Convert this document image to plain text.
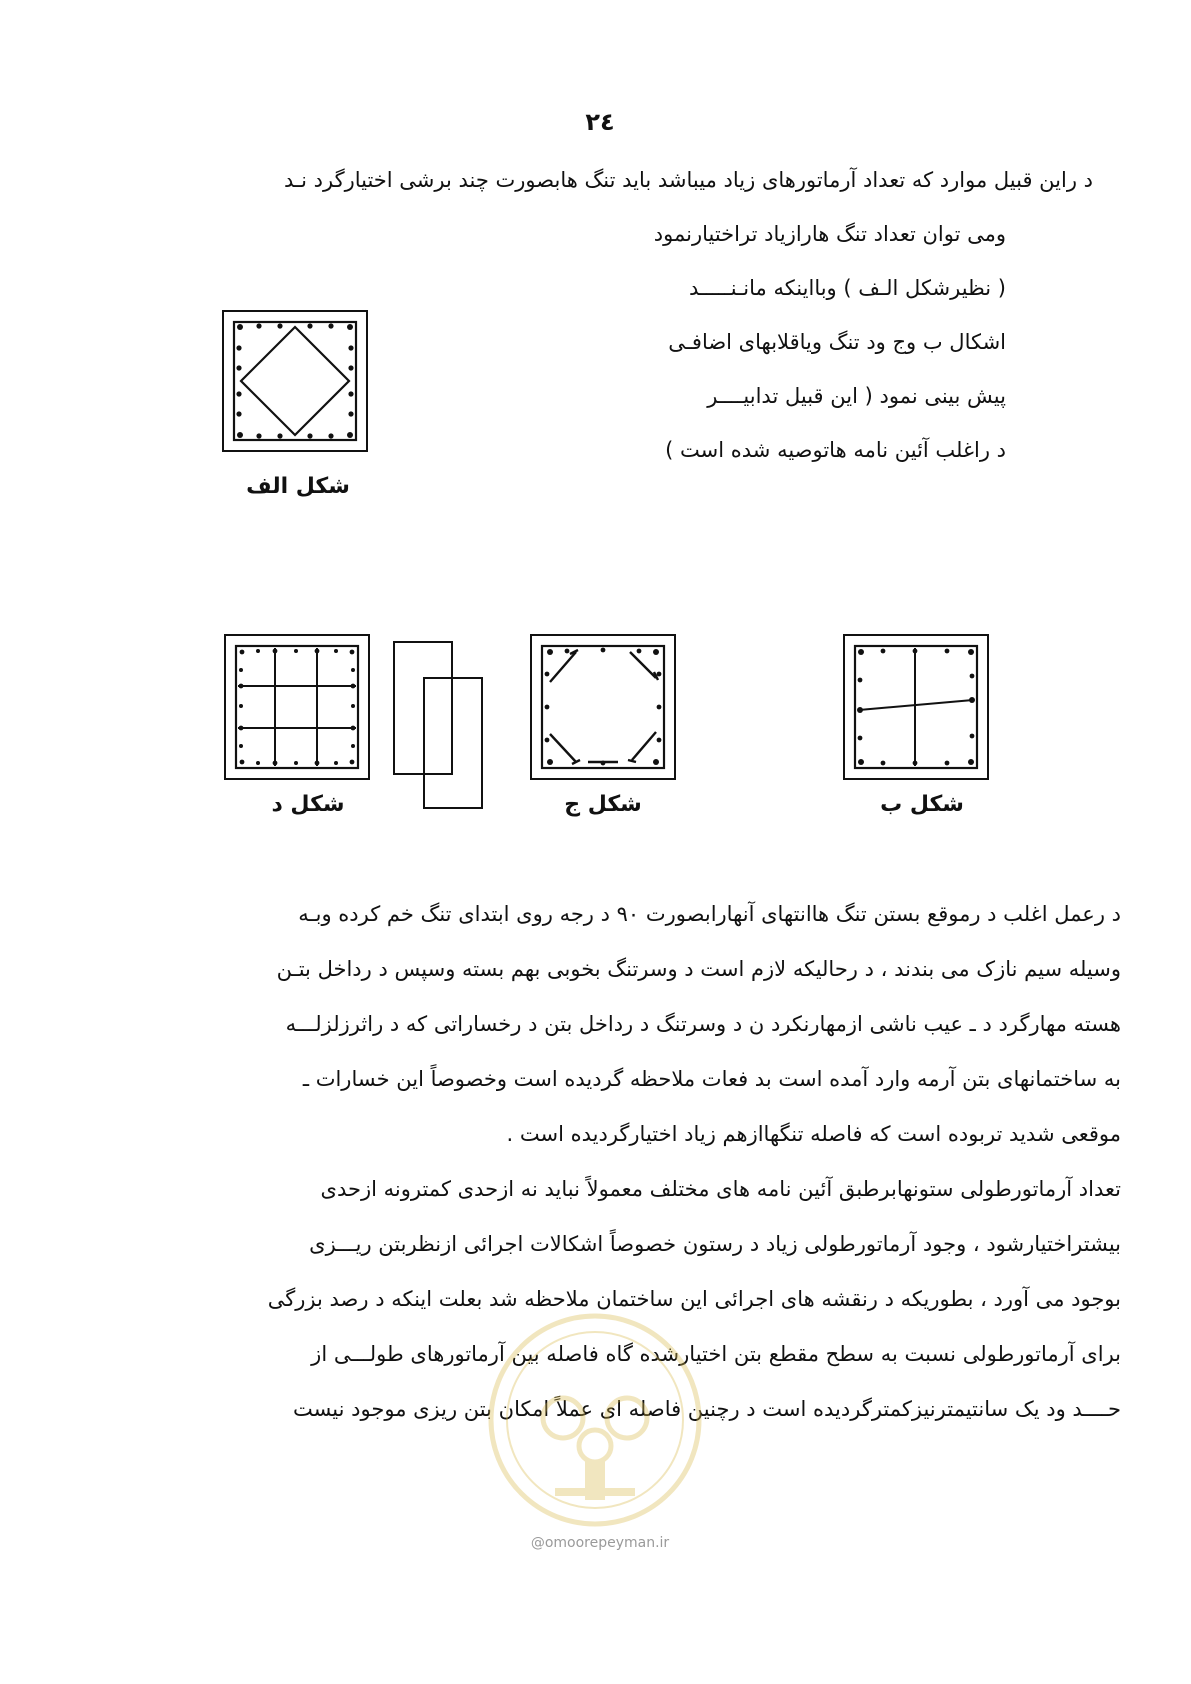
٢٤
د راین قبیل موارد که تعداد آرماتورهای زیاد میباشد باید تنگ هابصورت چند برشی اختیارگرد نـد
ومی توان تعداد تنگ هارازیاد تراختیارنمود
( نظیرشکل الـف ) وبااینکه مانـنـــــد
اشکال ب وج ود تنگ ویاقلابهای اضافـی
پیش بینی نمود ( این قبیل تدابیــــر
د راغلب آئین نامه هاتوصیه شده است )
شکل الف
شکل د	شکل ج	شکل ب
د رعمل اغلب د رموقع بستن تنگ هاانتهای آنهارابصورت ۹۰ د رجه روی ابتدای تنگ خم کرده وبـه
وسیله سیم نازک می بندند ، د رحالیکه لازم است د وسرتنگ بخوبی بهم بسته وسپس د رداخل بتـن
هسته مهارگرد د ـ عیب ناشی ازمهارنکرد ن د وسرتنگ د رداخل بتن د رخساراتی که د راثرزلزلـــه
به ساختمانهای بتن آرمه وارد آمده است بد فعات ملاحظه گردیده است وخصوصاً این خسارات ـ
موقعی شدید تربوده است که فاصله تنگهاازهم زیاد اختیارگردیده است .
تعداد آرماتورطولی ستونهابرطبق آئین نامه های مختلف معمولاً نباید نه ازحدی کمترونه ازحدی
بیشتراختیارشود ، وجود آرماتورطولی زیاد د رستون خصوصاً اشکالات اجرائی ازنظربتن ریـــزی
بوجود می آورد ، بطوریکه د رنقشه های اجرائی این ساختمان ملاحظه شد بعلت اینکه د رصد بزرگی
برای آرماتورطولی نسبت به سطح مقطع بتن اختیارشده گاه فاصله بین آرماتورهای طولـــی از
حــــد ود یک سانتیمترنیزکمترگردیده است د رچنین فاصله ای عملاً امکان بتن ریزی موجود نیست
@omoorepeyman.ir
